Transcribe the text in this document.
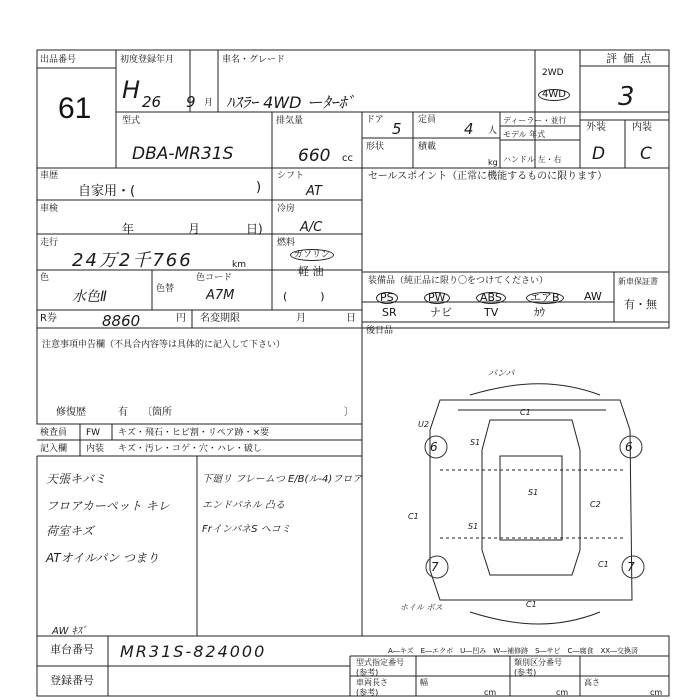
出品番号
61
初度登録年月
H 26 9 月
車名・グレード
ﾊｽﾗｰ 4WD ーﾀｰﾎﾞ
2WD
4WD
評価点
3
型式
DBA-MR31S
排気量
660 cc
ドア 5 定員 4 人
形状	積載
kg
ディーラー・並行
モデル 年式
ハンドル 左・右
外装	内装
D C
車歴
自家用・(	)
シフト
AT
車検
年	月	日)
冷房
A/C
走行
24万2千766	km
燃料
ガソリン
軽 油
(　　　)
色
水色Ⅱ	色替
色コード
A7M
R券	8860	円 名変期限	月	日
セールスポイント（正常に機能するものに限ります）
装備品（純正品に限り〇をつけてください）
PS	PW	ABS	エアB	AW
SR	ナビ	TV	ｶｳ
新車保証書
有・無
後日品
注意事項申告欄（不具合内容等は具体的に記入して下さい）
修復歴	有 〔箇所	〕
検査員 FW キズ・飛石・ヒビ割・リペア跡・×要
記入欄 内装 キズ・汚レ・コゲ・穴・ハレ・破し
天張キバミ
フロアカーペット キレ
荷室キズ
ATオイルパン つまり
下廻リ フレームつ E/B(ル-4)フロア
エンドパネル 凸る
FrインパネS へコミ
AW ｷｽﾞ
バンパ
6	6
7	7
C1
S1
S1
C1
S1
C2
C1
C1
U2
ホイル ボス
A―キズ　E―エクボ　U―凹み　W―補修跡　S―サビ　C―腐食　XX―交換済
車台番号 MR31S-824000
登録番号
型式指定番号
(参考)
類別区分番号
(参考)
車両長さ
(参考)	cm
幅
cm
高さ
cm
